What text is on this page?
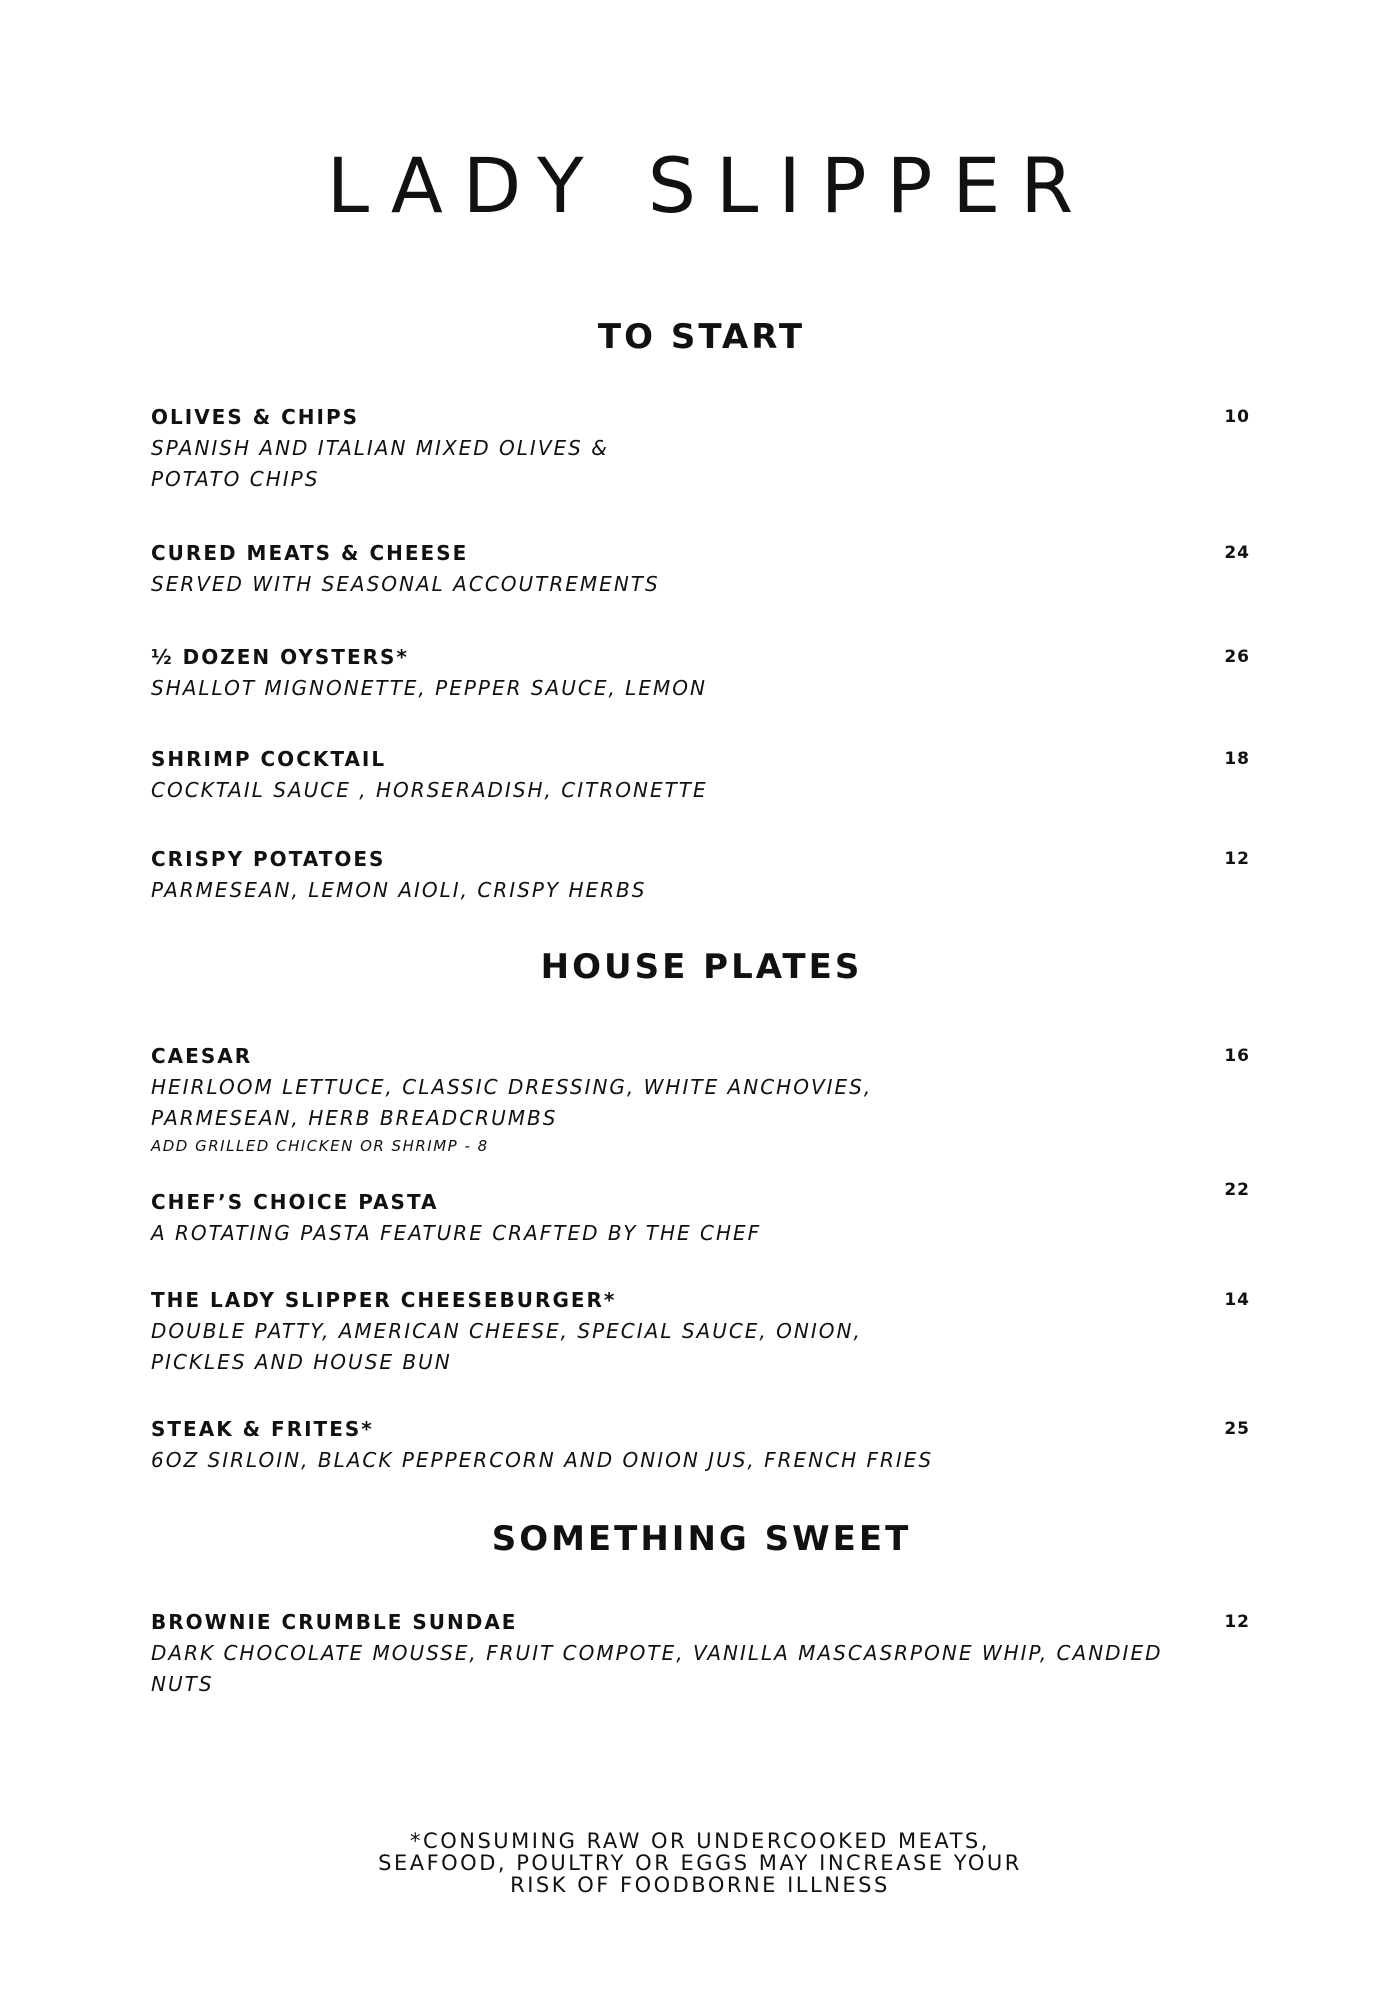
LADY SLIPPER
TO START
OLIVES & CHIPS
SPANISH AND ITALIAN MIXED OLIVES &
POTATO CHIPS
10
CURED MEATS & CHEESE
SERVED WITH SEASONAL ACCOUTREMENTS
24
½ DOZEN OYSTERS*
SHALLOT MIGNONETTE, PEPPER SAUCE, LEMON
26
SHRIMP COCKTAIL
COCKTAIL SAUCE , HORSERADISH, CITRONETTE
18
CRISPY POTATOES
PARMESEAN, LEMON AIOLI, CRISPY HERBS
12
HOUSE PLATES
CAESAR
HEIRLOOM LETTUCE, CLASSIC DRESSING, WHITE ANCHOVIES,
PARMESEAN, HERB BREADCRUMBS
ADD GRILLED CHICKEN OR SHRIMP - 8
16
CHEF’S CHOICE PASTA
A ROTATING PASTA FEATURE CRAFTED BY THE CHEF
22
THE LADY SLIPPER CHEESEBURGER*
DOUBLE PATTY, AMERICAN CHEESE, SPECIAL SAUCE, ONION,
PICKLES AND HOUSE BUN
14
STEAK & FRITES*
6OZ SIRLOIN, BLACK PEPPERCORN AND ONION JUS, FRENCH FRIES
25
SOMETHING SWEET
BROWNIE CRUMBLE SUNDAE
DARK CHOCOLATE MOUSSE, FRUIT COMPOTE, VANILLA MASCASRPONE WHIP, CANDIED
NUTS
12
*CONSUMING RAW OR UNDERCOOKED MEATS,
SEAFOOD, POULTRY OR EGGS MAY INCREASE YOUR
RISK OF FOODBORNE ILLNESS
